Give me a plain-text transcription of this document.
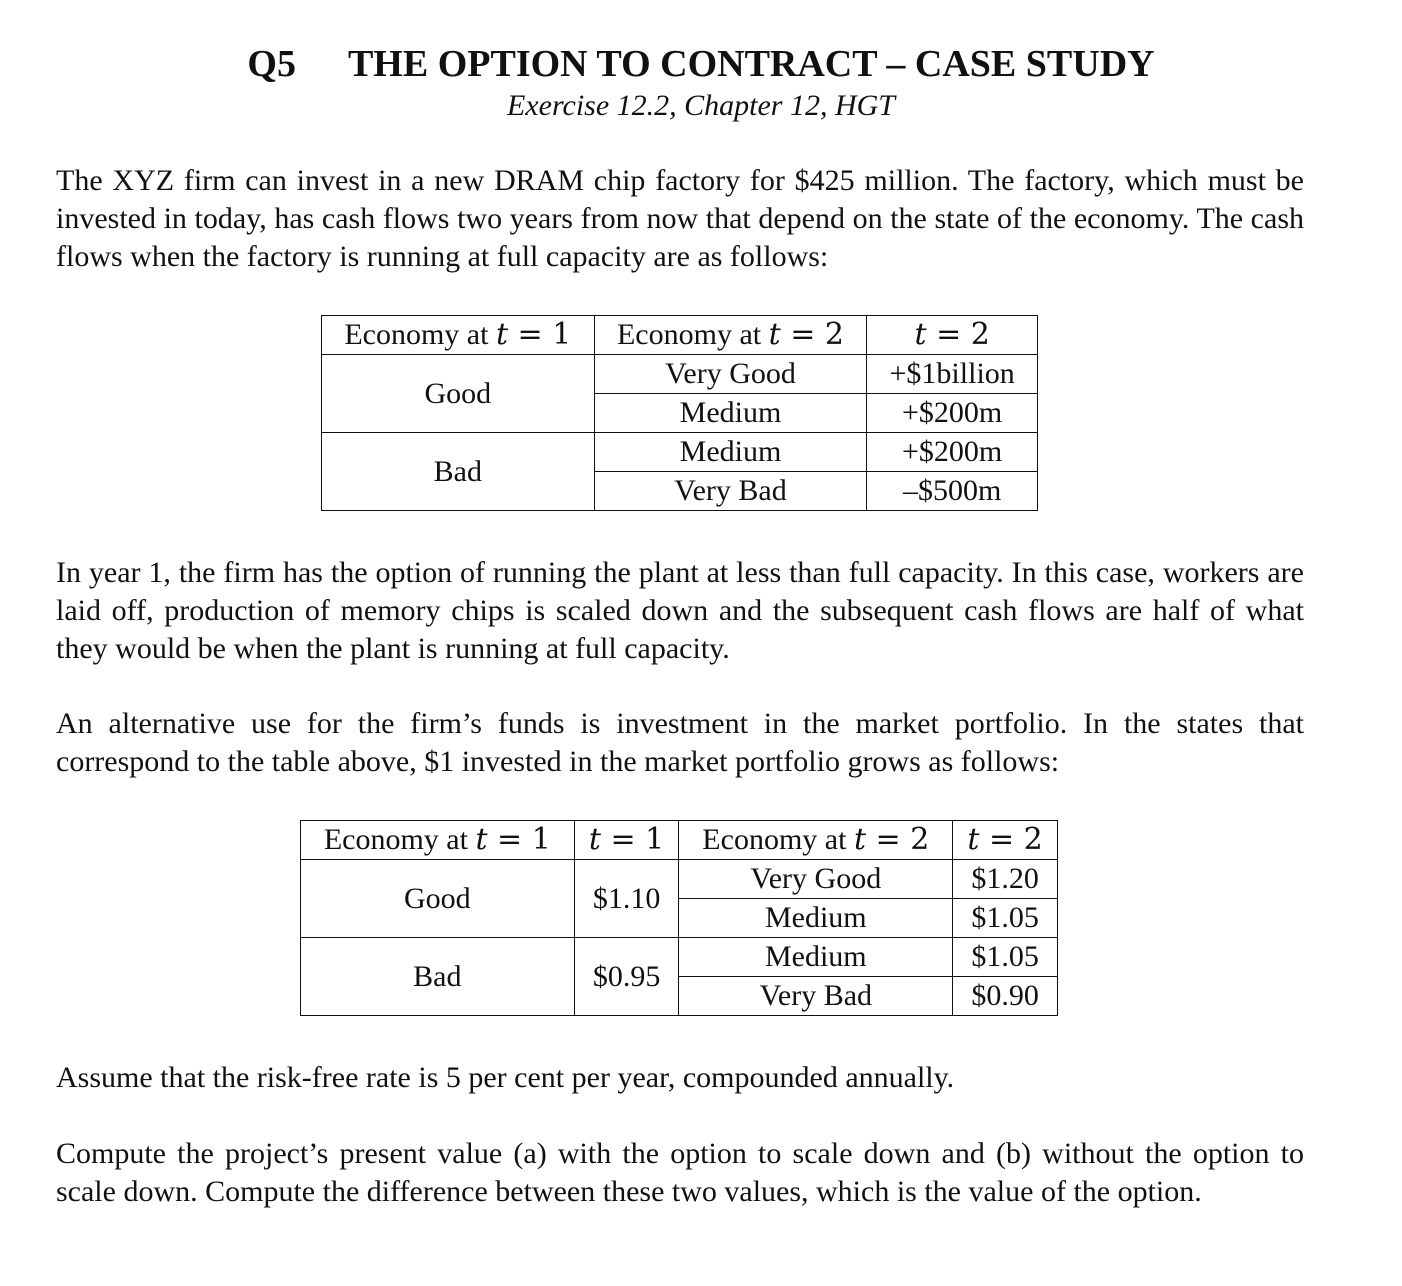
Q5 THE OPTION TO CONTRACT – CASE STUDY
Exercise 12.2, Chapter 12, HGT

The XYZ firm can invest in a new DRAM chip factory for $425 million. The factory, which must be invested in today, has cash flows two years from now that depend on the state of the economy. The cash flows when the factory is running at full capacity are as follows:

Economy at t = 1	Economy at t = 2	t = 2
Good	Very Good	+$1billion
	Medium	+$200m
Bad	Medium	+$200m
	Very Bad	–$500m

In year 1, the firm has the option of running the plant at less than full capacity. In this case, workers are laid off, production of memory chips is scaled down and the subsequent cash flows are half of what they would be when the plant is running at full capacity.

An alternative use for the firm’s funds is investment in the market portfolio. In the states that correspond to the table above, $1 invested in the market portfolio grows as follows:

Economy at t = 1	t = 1	Economy at t = 2	t = 2
Good	$1.10	Very Good	$1.20
		Medium	$1.05
Bad	$0.95	Medium	$1.05
		Very Bad	$0.90

Assume that the risk-free rate is 5 per cent per year, compounded annually.

Compute the project’s present value (a) with the option to scale down and (b) without the option to scale down. Compute the difference between these two values, which is the value of the option.
